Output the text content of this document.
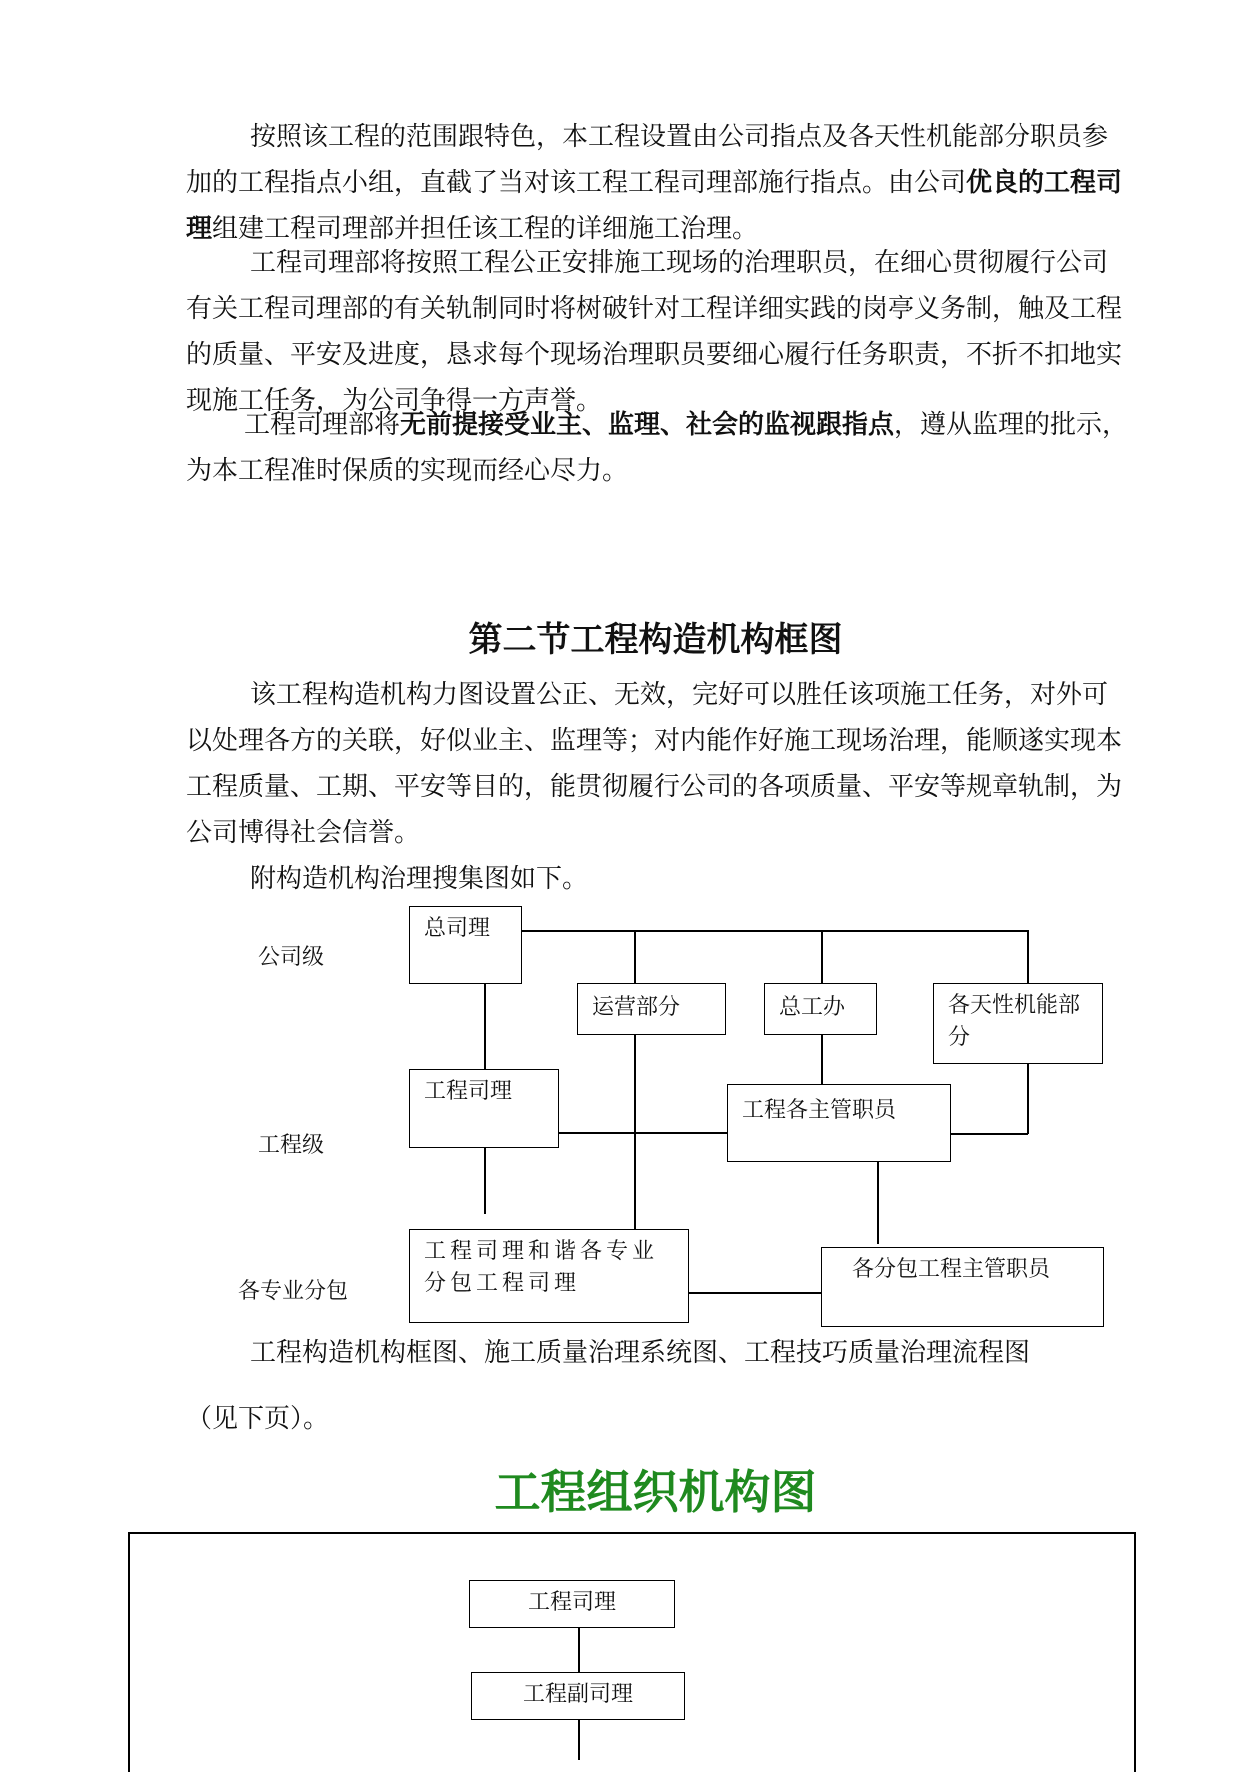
按照该工程的范围跟特色，本工程设置由公司指点及各天性机能部分职员参加的工程指点小组，直截了当对该工程工程司理部施行指点。由公司优良的工程司理组建工程司理部并担任该工程的详细施工治理。

工程司理部将按照工程公正安排施工现场的治理职员，在细心贯彻履行公司有关工程司理部的有关轨制同时将树破针对工程详细实践的岗亭义务制，触及工程的质量、平安及进度，恳求每个现场治理职员要细心履行任务职责，不折不扣地实现施工任务，为公司争得一方声誉。

工程司理部将无前提接受业主、监理、社会的监视跟指点，遵从监理的批示，为本工程准时保质的实现而经心尽力。

第二节工程构造机构框图

该工程构造机构力图设置公正、无效，完好可以胜任该项施工任务，对外可以处理各方的关联，好似业主、监理等；对内能作好施工现场治理，能顺遂实现本工程质量、工期、平安等目的，能贯彻履行公司的各项质量、平安等规章轨制，为公司博得社会信誉。

附构造机构治理搜集图如下。

公司级
工程级
各专业分包
总司理
运营部分	总工办	各天性机能部分
工程司理
工程各主管职员
工程司理和谐各专业分包工程司理
各分包工程主管职员

工程构造机构框图、施工质量治理系统图、工程技巧质量治理流程图

（见下页）。

工程组织机构图
工程司理
工程副司理
